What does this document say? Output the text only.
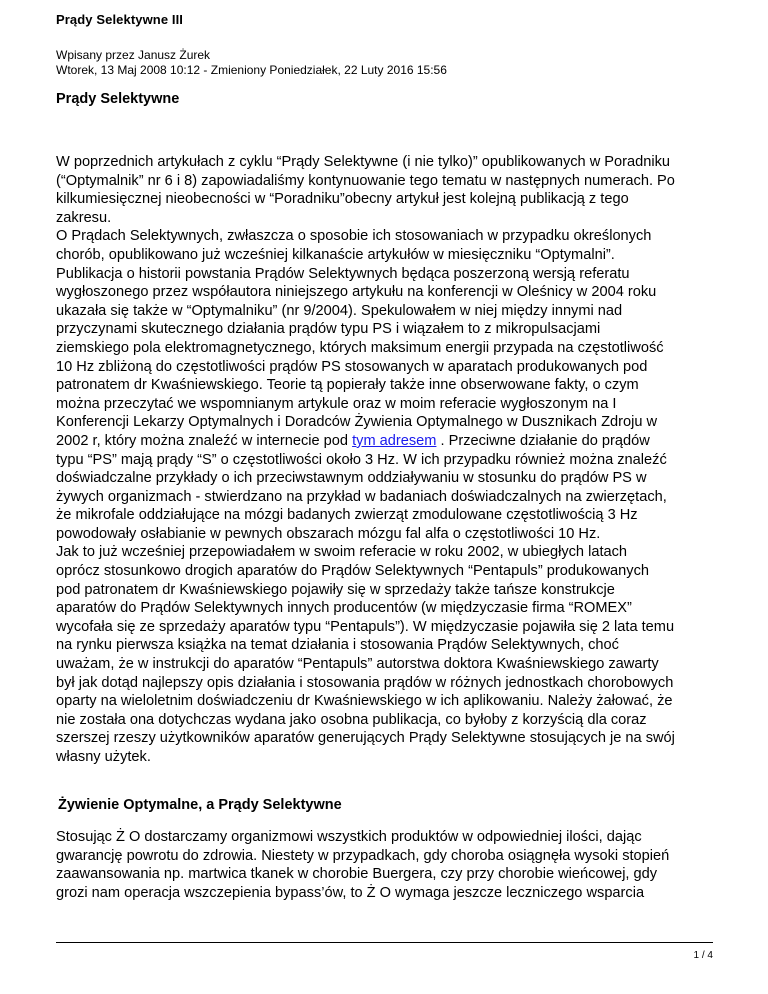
Prądy Selektywne III
Wpisany przez Janusz Żurek
Wtorek, 13 Maj 2008 10:12 - Zmieniony Poniedziałek, 22 Luty 2016 15:56
Prądy Selektywne

W poprzednich artykułach z cyklu “Prądy Selektywne (i nie tylko)” opublikowanych w Poradniku
(“Optymalnik” nr 6 i 8) zapowiadaliśmy kontynuowanie tego tematu w następnych numerach. Po
kilkumiesięcznej nieobecności w “Poradniku”obecny artykuł jest kolejną publikacją z tego
zakresu.
O Prądach Selektywnych, zwłaszcza o sposobie ich stosowaniach w przypadku określonych
chorób, opublikowano już wcześniej kilkanaście artykułów w miesięczniku “Optymalni”.
Publikacja o historii powstania Prądów Selektywnych będąca poszerzoną wersją referatu
wygłoszonego przez współautora niniejszego artykułu na konferencji w Oleśnicy w 2004 roku
ukazała się także w “Optymalniku” (nr 9/2004). Spekulowałem w niej między innymi nad
przyczynami skutecznego działania prądów typu PS i wiązałem to z mikropulsacjami
ziemskiego pola elektromagnetycznego, których maksimum energii przypada na częstotliwość
10 Hz zbliżoną do częstotliwości prądów PS stosowanych w aparatach produkowanych pod
patronatem dr Kwaśniewskiego. Teorie tą popierały także inne obserwowane fakty, o czym
można przeczytać we wspomnianym artykule oraz w moim referacie wygłoszonym na I
Konferencji Lekarzy Optymalnych i Doradców Żywienia Optymalnego w Dusznikach Zdroju w
2002 r, który można znaleźć w internecie pod tym adresem . Przeciwne działanie do prądów
typu “PS” mają prądy “S” o częstotliwości około 3 Hz. W ich przypadku również można znaleźć
doświadczalne przykłady o ich przeciwstawnym oddziaływaniu w stosunku do prądów PS w
żywych organizmach - stwierdzano na przykład w badaniach doświadczalnych na zwierzętach,
że mikrofale oddziałujące na mózgi badanych zwierząt zmodulowane częstotliwością 3 Hz
powodowały osłabianie w pewnych obszarach mózgu fal alfa o częstotliwości 10 Hz.
Jak to już wcześniej przepowiadałem w swoim referacie w roku 2002, w ubiegłych latach
oprócz stosunkowo drogich aparatów do Prądów Selektywnych “Pentapuls” produkowanych
pod patronatem dr Kwaśniewskiego pojawiły się w sprzedaży także tańsze konstrukcje
aparatów do Prądów Selektywnych innych producentów (w międzyczasie firma “ROMEX”
wycofała się ze sprzedaży aparatów typu “Pentapuls”). W międzyczasie pojawiła się 2 lata temu
na rynku pierwsza książka na temat działania i stosowania Prądów Selektywnych, choć
uważam, że w instrukcji do aparatów “Pentapuls” autorstwa doktora Kwaśniewskiego zawarty
był jak dotąd najlepszy opis działania i stosowania prądów w różnych jednostkach chorobowych
oparty na wieloletnim doświadczeniu dr Kwaśniewskiego w ich aplikowaniu. Należy żałować, że
nie została ona dotychczas wydana jako osobna publikacja, co byłoby z korzyścią dla coraz
szerszej rzeszy użytkowników aparatów generujących Prądy Selektywne stosujących je na swój
własny użytek.

Żywienie Optymalne, a Prądy Selektywne

Stosując Ż O dostarczamy organizmowi wszystkich produktów w odpowiedniej ilości, dając
gwarancję powrotu do zdrowia. Niestety w przypadkach, gdy choroba osiągnęła wysoki stopień
zaawansowania np. martwica tkanek w chorobie Buergera, czy przy chorobie wieńcowej, gdy
grozi nam operacja wszczepienia bypass’ów, to Ż O wymaga jeszcze leczniczego wsparcia

1 / 4
